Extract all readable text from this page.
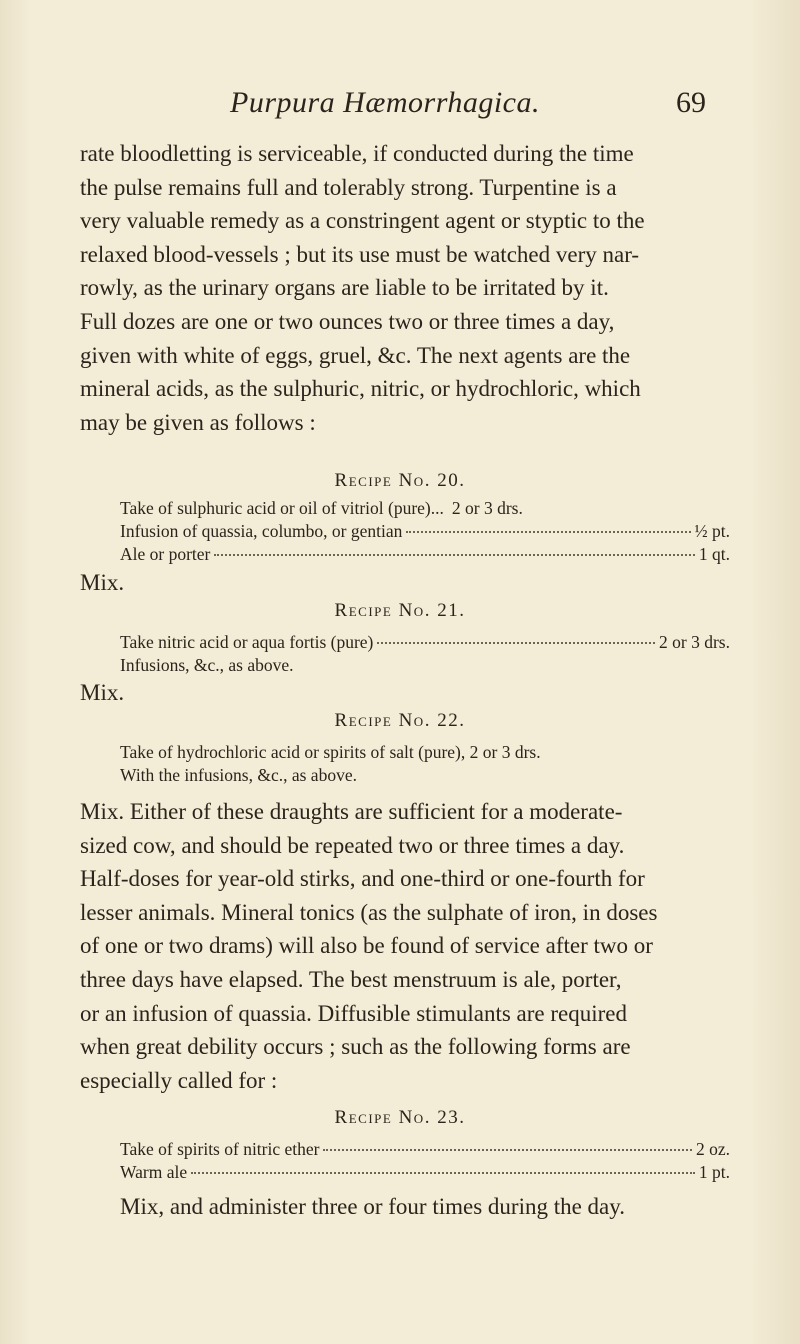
Purpura Hæmorrhagica.	69
rate bloodletting is serviceable, if conducted during the time
the pulse remains full and tolerably strong. Turpentine is a
very valuable remedy as a constringent agent or styptic to the
relaxed blood-vessels ; but its use must be watched very nar-
rowly, as the urinary organs are liable to be irritated by it.
Full dozes are one or two ounces two or three times a day,
given with white of eggs, gruel, &c. The next agents are the
mineral acids, as the sulphuric, nitric, or hydrochloric, which
may be given as follows :
Recipe No. 20.
Take of sulphuric acid or oil of vitriol (pure)... 2 or 3 drs.
Infusion of quassia, columbo, or gentian	½ pt.
Ale or porter	1 qt.
Mix.
Recipe No. 21.
Take nitric acid or aqua fortis (pure)	2 or 3 drs.
Infusions, &c., as above.
Mix.
Recipe No. 22.
Take of hydrochloric acid or spirits of salt (pure), 2 or 3 drs.
With the infusions, &c., as above.
Mix. Either of these draughts are sufficient for a moderate-
sized cow, and should be repeated two or three times a day.
Half-doses for year-old stirks, and one-third or one-fourth for
lesser animals. Mineral tonics (as the sulphate of iron, in doses
of one or two drams) will also be found of service after two or
three days have elapsed. The best menstruum is ale, porter,
or an infusion of quassia. Diffusible stimulants are required
when great debility occurs ; such as the following forms are
especially called for :
Recipe No. 23.
Take of spirits of nitric ether	2 oz.
Warm ale	1 pt.
Mix, and administer three or four times during the day.
